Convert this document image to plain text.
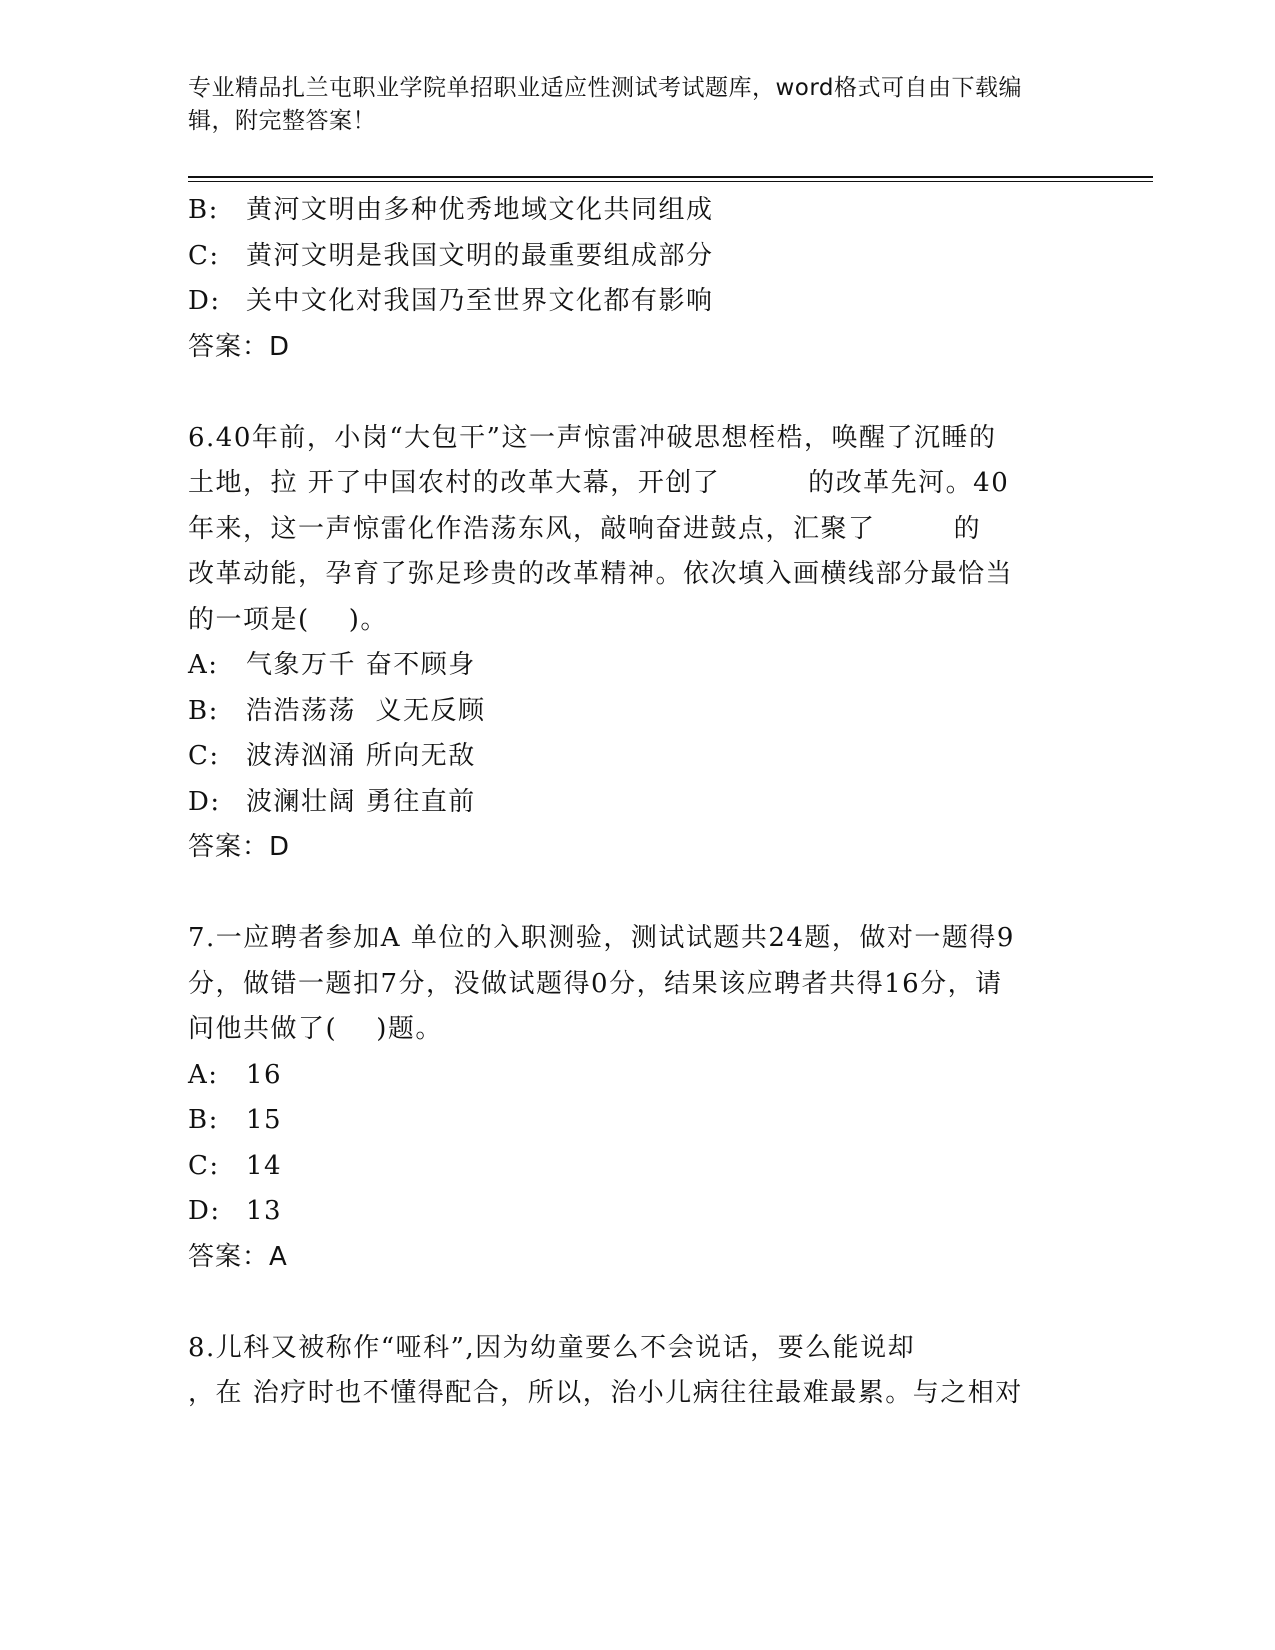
专业精品扎兰屯职业学院单招职业适应性测试考试题库，word格式可自由下载编
辑，附完整答案！
B:	黄河文明由多种优秀地域文化共同组成
C:	黄河文明是我国文明的最重要组成部分
D: 关中文化对我国乃至世界文化都有影响
答案：D
6.40年前，小岗“大包干”这一声惊雷冲破思想桎梏，唤醒了沉睡的
土地，拉 开了中国农村的改革大幕，开创了         的改革先河。40
年来，这一声惊雷化作浩荡东风，敲响奋进鼓点，汇聚了        的
改革动能，孕育了弥足珍贵的改革精神。依次填入画横线部分最恰当
的一项是(    )。
A:	气象万千 奋不顾身
B:	浩浩荡荡  义无反顾
C:	波涛汹涌 所向无敌
D: 波澜壮阔 勇往直前
答案：D
7.一应聘者参加A 单位的入职测验，测试试题共24题，做对一题得9
分，做错一题扣7分，没做试题得0分，结果该应聘者共得16分，请
问他共做了(    )题。
A:	16
B:	15
C:	14
D: 13
答案：A
8.儿科又被称作“哑科”,因为幼童要么不会说话，要么能说却
，在 治疗时也不懂得配合，所以，治小儿病往往最难最累。与之相对
